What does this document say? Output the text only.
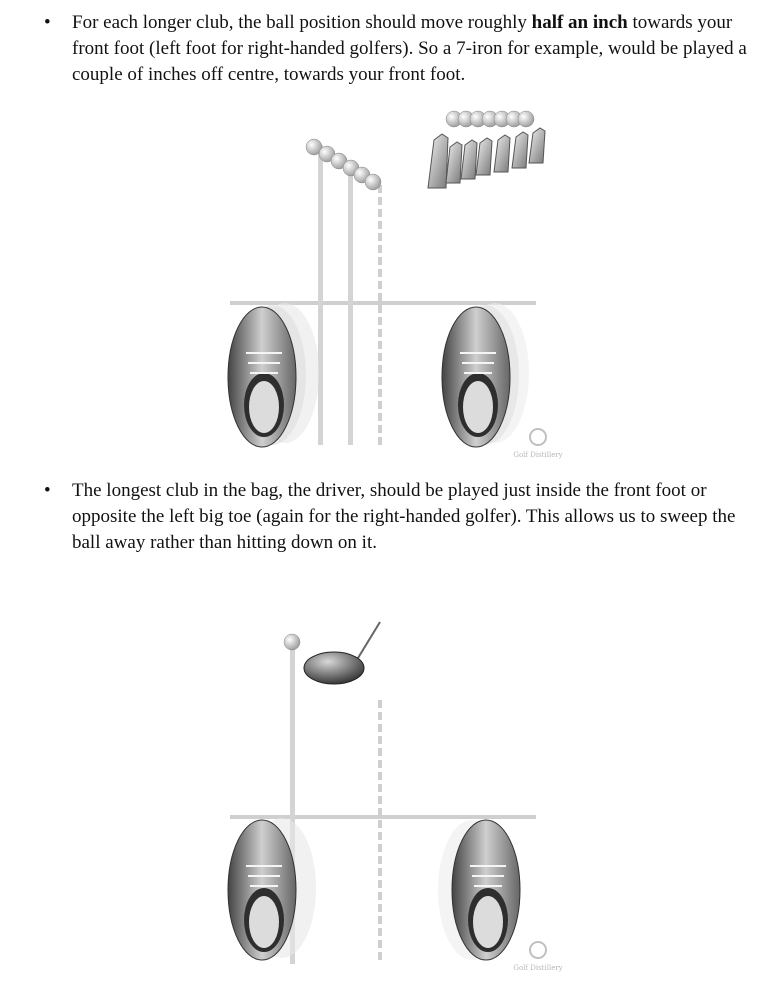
• For each longer club, the ball position should move roughly half an inch towards your front foot (left foot for right-handed golfers). So a 7-iron for example, would be played a couple of inches off centre, towards your front foot.
Golf Distillery
• The longest club in the bag, the driver, should be played just inside the front foot or opposite the left big toe (again for the right-handed golfer). This allows us to sweep the ball away rather than hitting down on it.
Golf Distillery
